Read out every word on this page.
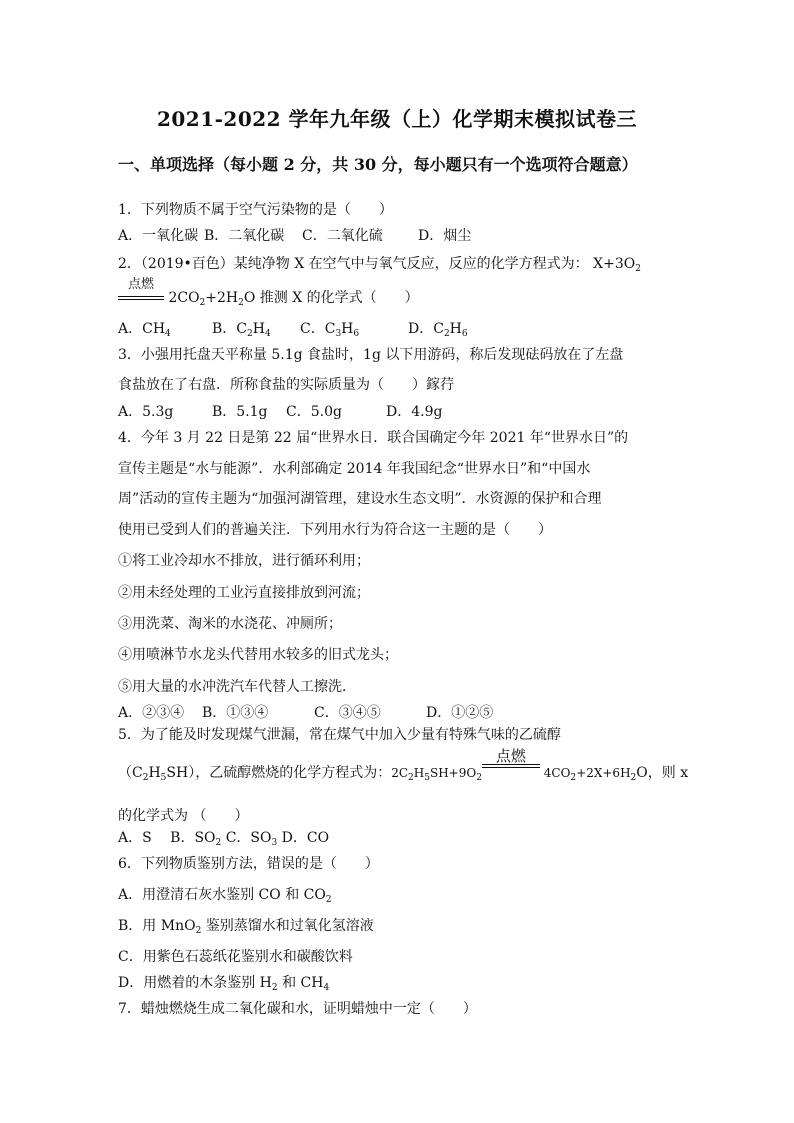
2021-2022 学年九年级（上）化学期末模拟试卷三
一、单项选择（每小题 2 分，共 30 分，每小题只有一个选项符合题意）
1．下列物质不属于空气污染物的是（　　）
A．一氧化碳 B．二氧化碳 C．二氧化硫	D．烟尘
2．（2019•百色）某纯净物 X 在空气中与氧气反应，反应的化学方程式为： $X+3O_2$
点燃
$2CO_2+2H_2O$ 推测 X 的化学式（　　）
A．$CH_4$	B．$C_2H_4$ C．$C_3H_6$	D．$C_2H_6$
3．小强用托盘天平称量 5.1g 食盐时，1g 以下用游码，称后发现砝码放在了左盘
食盐放在了右盘．所称食盐的实际质量为（　　）鎵荇
A．5.3g	B．5.1g C．5.0g	D．4.9g
4．今年 3 月 22 日是第 22 届“世界水日．联合国确定今年 2021 年“世界水日”的
宣传主题是“水与能源”．水利部确定 2014 年我国纪念“世界水日”和“中国水
周”活动的宣传主题为“加强河湖管理，建设水生态文明”．水资源的保护和合理
使用已受到人们的普遍关注．下列用水行为符合这一主题的是（　　）
①将工业冷却水不排放，进行循环利用；
②用未经处理的工业污直接排放到河流；
③用洗菜、淘米的水浇花、冲厕所；
④用喷淋节水龙头代替用水较多的旧式龙头；
⑤用大量的水冲洗汽车代替人工擦洗．
A．②③④ B．①③④	C．③④⑤	D．①②⑤
5．为了能及时发现煤气泄漏，常在煤气中加入少量有特殊气味的乙硫醇
$(C_2H_5SH)$，乙硫醇燃烧的化学方程式为：$2C_2H_5SH+9O_2$
点燃
$4CO_2+2X+6H_2O$，则 x
的化学式为 （　　）
A．S　 B．$SO_2$ C．$SO_3$ D．CO
6．下列物质鉴别方法，错误的是（　　）
A．用澄清石灰水鉴别 CO 和 $CO_2$
B．用 MnO$_2$ 鉴别蒸馏水和过氧化氢溶液
C．用紫色石蕊纸花鉴别水和碳酸饮料
D．用燃着的木条鉴别 $H_2$ 和 $CH_4$
7．蜡烛燃烧生成二氧化碳和水，证明蜡烛中一定（　　）
